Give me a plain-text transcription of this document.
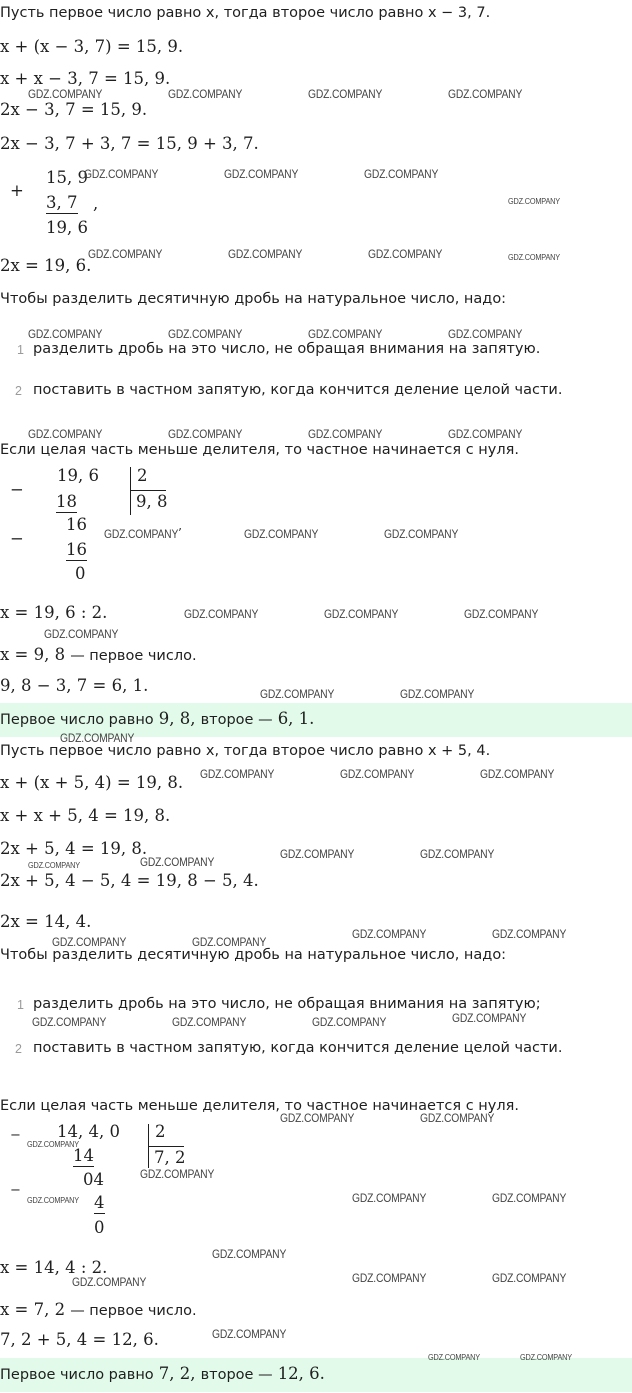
Пусть первое число равно x, тогда второе число равно x − 3, 7.
x + (x − 3, 7) = 15, 9.
x + x − 3, 7 = 15, 9.
2x − 3, 7 = 15, 9.
2x − 3, 7 + 3, 7 = 15, 9 + 3, 7.
+
15, 9
3, 7 ,
19, 6
2x = 19, 6.
Чтобы разделить десятичную дробь на натуральное число, надо:
1 разделить дробь на это число, не обращая внимания на запятую.
2 поставить в частном запятую, когда кончится деление целой части.
Если целая часть меньше делителя, то частное начинается с нуля.
−
19, 6
18
16
−
16
0
2
9, 8
’
x = 19, 6 : 2.
x = 9, 8 — первое число.
9, 8 − 3, 7 = 6, 1.
Первое число равно 9, 8, второе — 6, 1.
Пусть первое число равно x, тогда второе число равно x + 5, 4.
x + (x + 5, 4) = 19, 8.
x + x + 5, 4 = 19, 8.
2x + 5, 4 = 19, 8.
2x + 5, 4 − 5, 4 = 19, 8 − 5, 4.
2x = 14, 4.
Чтобы разделить десятичную дробь на натуральное число, надо:
1 разделить дробь на это число, не обращая внимания на запятую;
2 поставить в частном запятую, когда кончится деление целой части.
Если целая часть меньше делителя, то частное начинается с нуля.
− 14, 4, 0
14
04
−
4
0
2
7, 2
x = 14, 4 : 2.
x = 7, 2 — первое число.
7, 2 + 5, 4 = 12, 6.
Первое число равно 7, 2, второе — 12, 6.
GDZ.COMPANY	GDZ.COMPANY	GDZ.COMPANY	GDZ.COMPANY
GDZ.COMPANY	GDZ.COMPANY	GDZ.COMPANY
GDZ.COMPANY
GDZ.COMPANY	GDZ.COMPANY	GDZ.COMPANY	GDZ.COMPANY
GDZ.COMPANY	GDZ.COMPANY	GDZ.COMPANY	GDZ.COMPANY
GDZ.COMPANY	GDZ.COMPANY	GDZ.COMPANY	GDZ.COMPANY
GDZ.COMPANY	GDZ.COMPANY	GDZ.COMPANY
GDZ.COMPANY	GDZ.COMPANY	GDZ.COMPANY
GDZ.COMPANY
GDZ.COMPANY	GDZ.COMPANY
GDZ.COMPANY
GDZ.COMPANY	GDZ.COMPANY	GDZ.COMPANY
GDZ.COMPANY	GDZ.COMPANY
GDZ.COMPANY	GDZ.COMPANY
GDZ.COMPANY	GDZ.COMPANY
GDZ.COMPANY	GDZ.COMPANY
GDZ.COMPANY	GDZ.COMPANY	GDZ.COMPANY	GDZ.COMPANY
GDZ.COMPANY	GDZ.COMPANY
GDZ.COMPANY
GDZ.COMPANY
GDZ.COMPANY	GDZ.COMPANY	GDZ.COMPANY
GDZ.COMPANY
GDZ.COMPANY	GDZ.COMPANY
GDZ.COMPANY
GDZ.COMPANY
GDZ.COMPANY	GDZ.COMPANY
